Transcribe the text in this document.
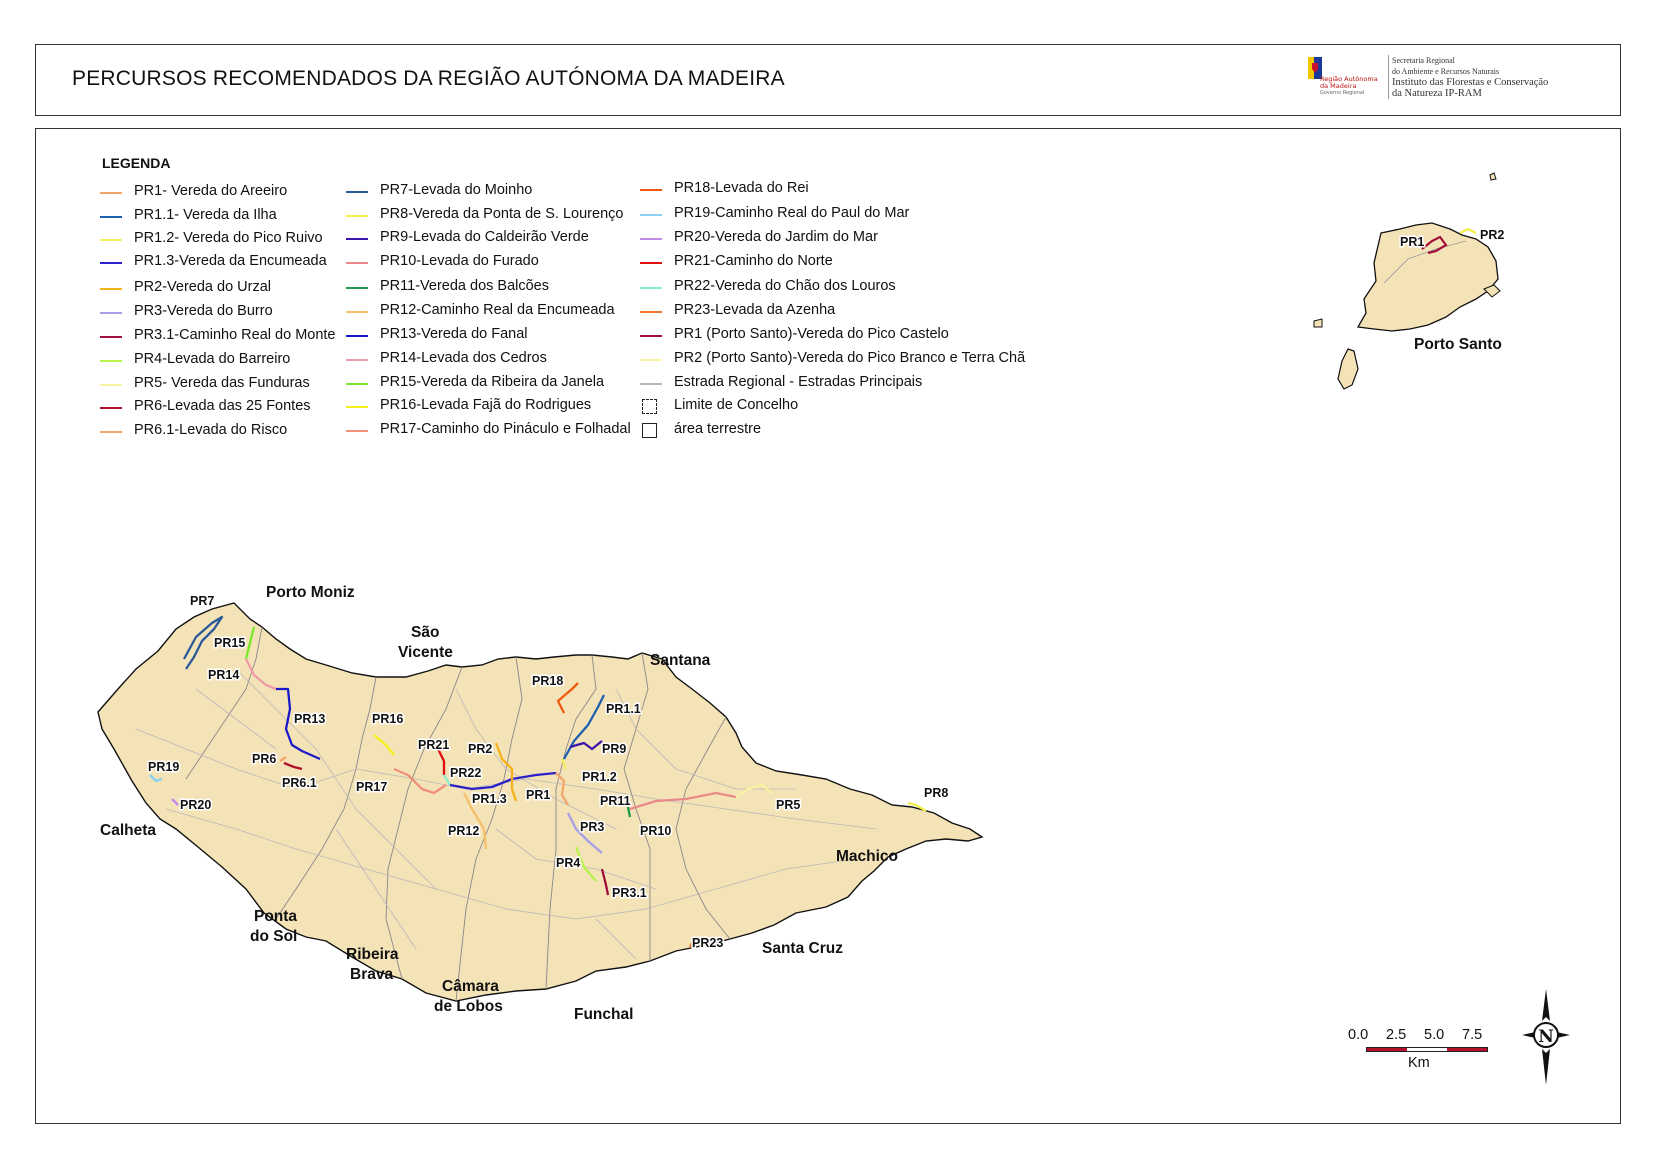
PERCURSOS RECOMENDADOS DA REGIÃO AUTÓNOMA DA MADEIRA	Região Autónoma
da Madeira
Governo Regional
Secretaria Regional
do Ambiente e Recursos Naturais
Instituto das Florestas e Conservação
da Natureza IP-RAM
LEGENDA
PR1- Vereda do Areeiro
PR1.1- Vereda da Ilha
PR1.2- Vereda do Pico Ruivo
PR1.3-Vereda da Encumeada
PR2-Vereda do Urzal
PR3-Vereda do Burro
PR3.1-Caminho Real do Monte
PR4-Levada do Barreiro
PR5- Vereda das Funduras
PR6-Levada das 25 Fontes
PR6.1-Levada do Risco
PR7-Levada do Moinho
PR8-Vereda da Ponta de S. Lourenço
PR9-Levada do Caldeirão Verde
PR10-Levada do Furado
PR11-Vereda dos Balcões
PR12-Caminho Real da Encumeada
PR13-Vereda do Fanal
PR14-Levada dos Cedros
PR15-Vereda da Ribeira da Janela
PR16-Levada Fajã do Rodrigues
PR17-Caminho do Pináculo e Folhadal
PR18-Levada do Rei
PR19-Caminho Real do Paul do Mar
PR20-Vereda do Jardim do Mar
PR21-Caminho do Norte
PR22-Vereda do Chão dos Louros
PR23-Levada da Azenha
PR1 (Porto Santo)-Vereda do Pico Castelo
PR2 (Porto Santo)-Vereda do Pico Branco e Terra Chã
Estrada Regional - Estradas Principais
Limite de Concelho
área terrestre
Porto Moniz
São
Vicente	Santana
Calheta
Ponta
do Sol
Ribeira
Brava
Câmara
de Lobos	Funchal
Santa Cruz
Machico
Porto Santo
PR7
PR15
PR14
PR13
PR6
PR6.1
PR19
PR20
PR16
PR17
PR21
PR22
PR2
PR1.3
PR12
PR18
PR1.1
PR9
PR1.2
PR1	PR11
PR3	PR10
PR4
PR3.1
PR5
PR8
PR23
PR1	PR2
0.0 2.5 5.0 7.5
Km
N
